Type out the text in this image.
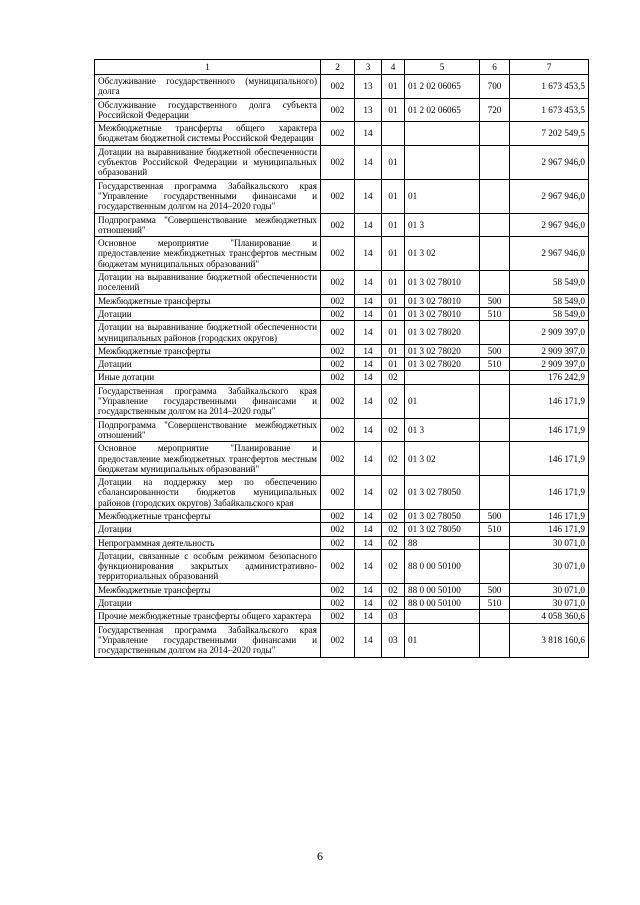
1	2	3	4	5	6	7
Обслуживание государственного (муниципального) долга	002	13	01	01 2 02 06065	700	1 673 453,5
Обслуживание государственного долга субъекта Российской Федерации	002	13	01	01 2 02 06065	720	1 673 453,5
Межбюджетные трансферты общего характера бюджетам бюджетной системы Российской Федерации	002	14				7 202 549,5
Дотации на выравнивание бюджетной обеспеченности субъектов Российской Федерации и муниципальных образований	002	14	01			2 967 946,0
Государственная программа Забайкальского края "Управление государственными финансами и государственным долгом на 2014–2020 годы"	002	14	01	01		2 967 946,0
Подпрограмма "Совершенствование межбюджетных отношений"	002	14	01	01 3		2 967 946,0
Основное мероприятие "Планирование и предоставление межбюджетных трансфертов местным бюджетам муниципальных образований"	002	14	01	01 3 02		2 967 946,0
Дотации на выравнивание бюджетной обеспеченности поселений	002	14	01	01 3 02 78010		58 549,0
Межбюджетные трансферты	002	14	01	01 3 02 78010	500	58 549,0
Дотации	002	14	01	01 3 02 78010	510	58 549,0
Дотации на выравнивание бюджетной обеспеченности муниципальных районов (городских округов)	002	14	01	01 3 02 78020		2 909 397,0
Межбюджетные трансферты	002	14	01	01 3 02 78020	500	2 909 397,0
Дотации	002	14	01	01 3 02 78020	510	2 909 397,0
Иные дотации	002	14	02			176 242,9
Государственная программа Забайкальского края "Управление государственными финансами и государственным долгом на 2014–2020 годы"	002	14	02	01		146 171,9
Подпрограмма "Совершенствование межбюджетных отношений"	002	14	02	01 3		146 171,9
Основное мероприятие "Планирование и предоставление межбюджетных трансфертов местным бюджетам муниципальных образований"	002	14	02	01 3 02		146 171,9
Дотации на поддержку мер по обеспечению сбалансированности бюджетов муниципальных районов (городских округов) Забайкальского края	002	14	02	01 3 02 78050		146 171,9
Межбюджетные трансферты	002	14	02	01 3 02 78050	500	146 171,9
Дотации	002	14	02	01 3 02 78050	510	146 171,9
Непрограммная деятельность	002	14	02	88		30 071,0
Дотации, связанные с особым режимом безопасного функционирования закрытых административно-территориальных образований	002	14	02	88 0 00 50100		30 071,0
Межбюджетные трансферты	002	14	02	88 0 00 50100	500	30 071,0
Дотации	002	14	02	88 0 00 50100	510	30 071,0
Прочие межбюджетные трансферты общего характера	002	14	03			4 058 360,6
Государственная программа Забайкальского края "Управление государственными финансами и государственным долгом на 2014–2020 годы"	002	14	03	01		3 818 160,6
6
